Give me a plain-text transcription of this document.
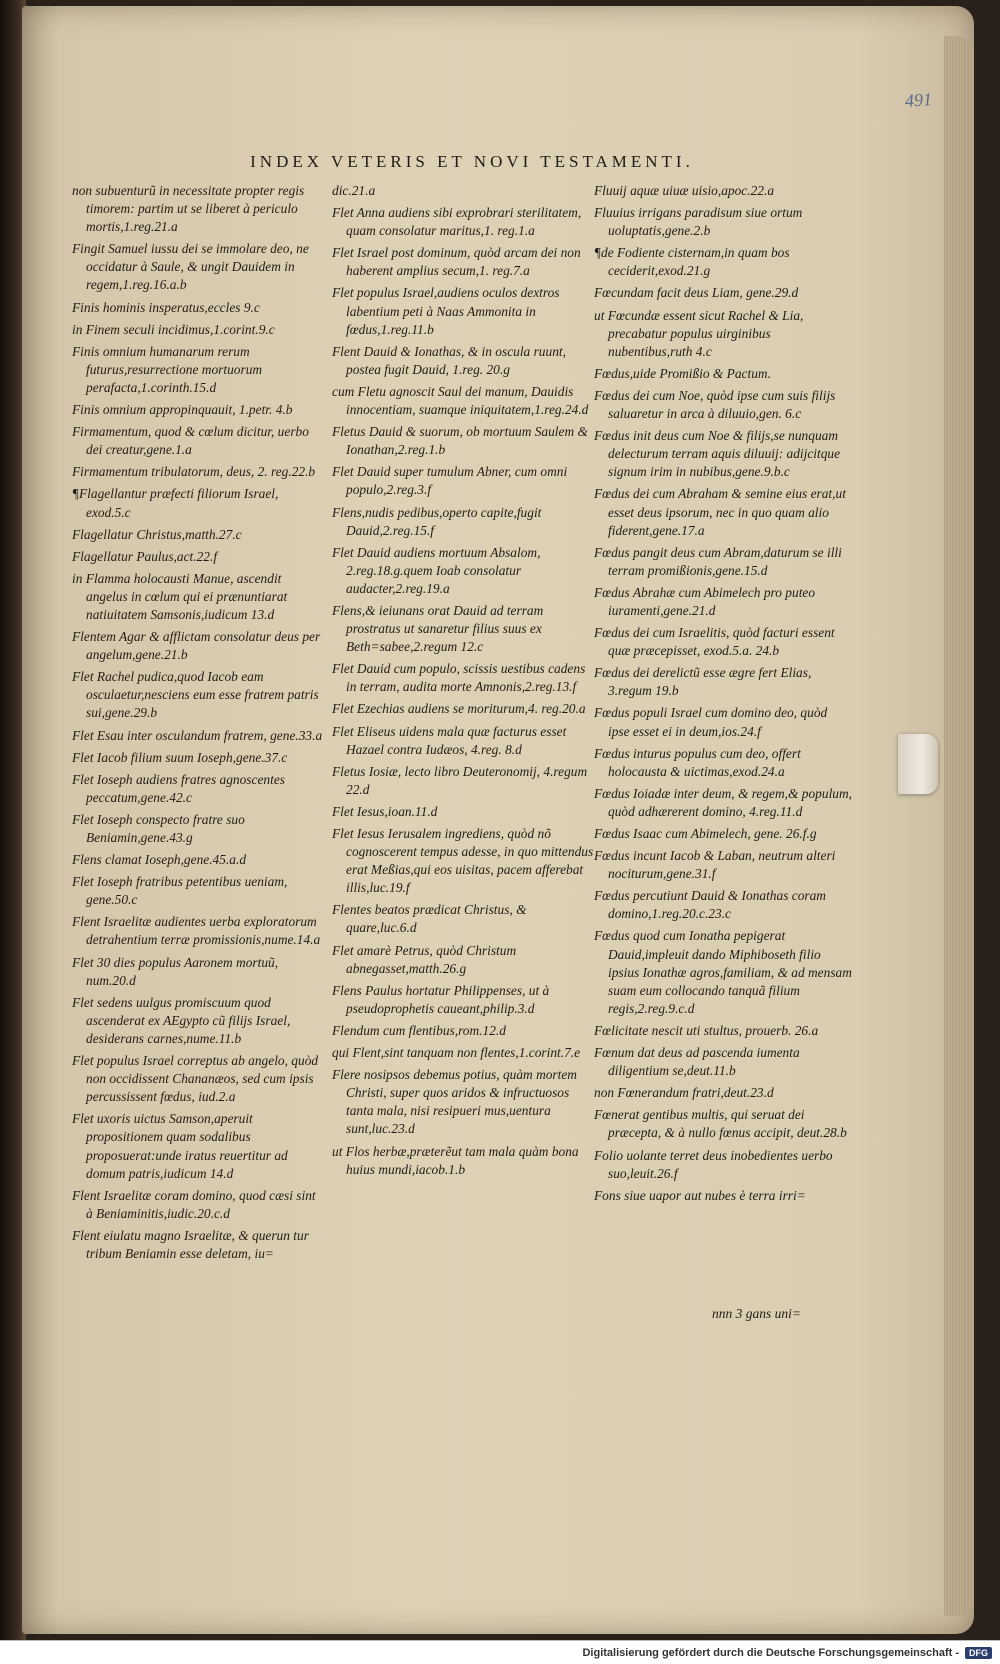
491
INDEX VETERIS ET NOVI TESTAMENTI.
non subuenturũ in necessitate propter regis timorem: partim ut se liberet à periculo mortis,1.reg.21.a
Fingit Samuel iussu dei se immolare deo, ne occidatur à Saule, & ungit Dauidem in regem,1.reg.16.a.b
Finis hominis insperatus,eccles 9.c
in Finem seculi incidimus,1.corint.9.c
Finis omnium humanarum rerum futurus,resurrectione mortuorum perafacta,1.corinth.15.d
Finis omnium appropinquauit, 1.petr. 4.b
Firmamentum, quod & cœlum dicitur, uerbo dei creatur,gene.1.a
Firmamentum tribulatorum, deus, 2. reg.22.b
¶Flagellantur præfecti filiorum Israel, exod.5.c
Flagellatur Christus,matth.27.c
Flagellatur Paulus,act.22.f
in Flamma holocausti Manue, ascendit angelus in cœlum qui ei prænuntiarat natiuitatem Samsonis,iudicum 13.d
Flentem Agar & afflictam consolatur deus per angelum,gene.21.b
Flet Rachel pudica,quod Iacob eam osculaetur,nesciens eum esse fratrem patris sui,gene.29.b
Flet Esau inter osculandum fratrem, gene.33.a
Flet Iacob filium suum Ioseph,gene.37.c
Flet Ioseph audiens fratres agnoscentes peccatum,gene.42.c
Flet Ioseph conspecto fratre suo Beniamin,gene.43.g
Flens clamat Ioseph,gene.45.a.d
Flet Ioseph fratribus petentibus ueniam, gene.50.c
Flent Israelitæ audientes uerba exploratorum detrahentium terræ promissionis,nume.14.a
Flet 30 dies populus Aaronem mortuũ, num.20.d
Flet sedens uulgus promiscuum quod ascenderat ex AEgypto cũ filijs Israel, desiderans carnes,nume.11.b
Flet populus Israel correptus ab angelo, quòd non occidissent Chananæos, sed cum ipsis percussissent fœdus, iud.2.a
Flet uxoris uictus Samson,aperuit propositionem quam sodalibus proposuerat:unde iratus reuertitur ad domum patris,iudicum 14.d
Flent Israelitæ coram domino, quod cæsi sint à Beniaminitis,iudic.20.c.d
Flent eiulatu magno Israelitæ, & querun tur tribum Beniamin esse deletam, iu=
dic.21.a
Flet Anna audiens sibi exprobrari sterilitatem, quam consolatur maritus,1. reg.1.a
Flet Israel post dominum, quòd arcam dei non haberent amplius secum,1. reg.7.a
Flet populus Israel,audiens oculos dextros labentium peti à Naas Ammonita in fœdus,1.reg.11.b
Flent Dauid & Ionathas, & in oscula ruunt, postea fugit Dauid, 1.reg. 20.g
cum Fletu agnoscit Saul dei manum, Dauidis innocentiam, suamque iniquitatem,1.reg.24.d
Fletus Dauid & suorum, ob mortuum Saulem & Ionathan,2.reg.1.b
Flet Dauid super tumulum Abner, cum omni populo,2.reg.3.f
Flens,nudis pedibus,operto capite,fugit Dauid,2.reg.15.f
Flet Dauid audiens mortuum Absalom, 2.reg.18.g.quem Ioab consolatur audacter,2.reg.19.a
Flens,& ieiunans orat Dauid ad terram prostratus ut sanaretur filius suus ex Beth=sabee,2.regum 12.c
Flet Dauid cum populo, scissis uestibus cadens in terram, audita morte Amnonis,2.reg.13.f
Flet Ezechias audiens se moriturum,4. reg.20.a
Flet Eliseus uidens mala quæ facturus esset Hazael contra Iudæos, 4.reg. 8.d
Fletus Iosiæ, lecto libro Deuteronomij, 4.regum 22.d
Flet Iesus,ioan.11.d
Flet Iesus Ierusalem ingrediens, quòd nõ cognoscerent tempus adesse, in quo mittendus erat Meßias,qui eos uisitas, pacem afferebat illis,luc.19.f
Flentes beatos prædicat Christus, & quare,luc.6.d
Flet amarè Petrus, quòd Christum abnegasset,matth.26.g
Flens Paulus hortatur Philippenses, ut à pseudoprophetis caueant,philip.3.d
Flendum cum flentibus,rom.12.d
qui Flent,sint tanquam non flentes,1.corint.7.e
Flere nosipsos debemus potius, quàm mortem Christi, super quos aridos & infructuosos tanta mala, nisi resipueri mus,uentura sunt,luc.23.d
ut Flos herbæ,præterẽut tam mala quàm bona huius mundi,iacob.1.b
Fluuij aquæ uiuæ uisio,apoc.22.a
Fluuius irrigans paradisum siue ortum uoluptatis,gene.2.b
¶de Fodiente cisternam,in quam bos ceciderit,exod.21.g
Fœcundam facit deus Liam, gene.29.d
ut Fœcundæ essent sicut Rachel & Lia, precabatur populus uirginibus nubentibus,ruth 4.c
Fœdus,uide Promißio & Pactum.
Fœdus dei cum Noe, quòd ipse cum suis filijs saluaretur in arca à diluuio,gen. 6.c
Fœdus init deus cum Noe & filijs,se nunquam delecturum terram aquis diluuij: adijcitque signum irim in nubibus,gene.9.b.c
Fœdus dei cum Abraham & semine eius erat,ut esset deus ipsorum, nec in quo quam alio fiderent,gene.17.a
Fœdus pangit deus cum Abram,daturum se illi terram promißionis,gene.15.d
Fœdus Abrahæ cum Abimelech pro puteo iuramenti,gene.21.d
Fœdus dei cum Israelitis, quòd facturi essent quæ præcepisset, exod.5.a. 24.b
Fœdus dei derelictũ esse ægre fert Elias, 3.regum 19.b
Fœdus populi Israel cum domino deo, quòd ipse esset ei in deum,ios.24.f
Fœdus inturus populus cum deo, offert holocausta & uictimas,exod.24.a
Fœdus Ioiadæ inter deum, & regem,& populum, quòd adhærerent domino, 4.reg.11.d
Fœdus Isaac cum Abimelech, gene. 26.f.g
Fœdus incunt Iacob & Laban, neutrum alteri nociturum,gene.31.f
Fœdus percutiunt Dauid & Ionathas coram domino,1.reg.20.c.23.c
Fœdus quod cum Ionatha pepigerat Dauid,impleuit dando Miphiboseth filio ipsius Ionathæ agros,familiam, & ad mensam suam eum collocando tanquã filium regis,2.reg.9.c.d
Fœlicitate nescit uti stultus, prouerb. 26.a
Fœnum dat deus ad pascenda iumenta diligentium se,deut.11.b
non Fœnerandum fratri,deut.23.d
Fœnerat gentibus multis, qui seruat dei præcepta, & à nullo fœnus accipit, deut.28.b
Folio uolante terret deus inobedientes uerbo suo,leuit.26.f
Fons siue uapor aut nubes è terra irri=
nnn 3 gans uni=
Digitalisierung gefördert durch die Deutsche Forschungsgemeinschaft -	DFG
